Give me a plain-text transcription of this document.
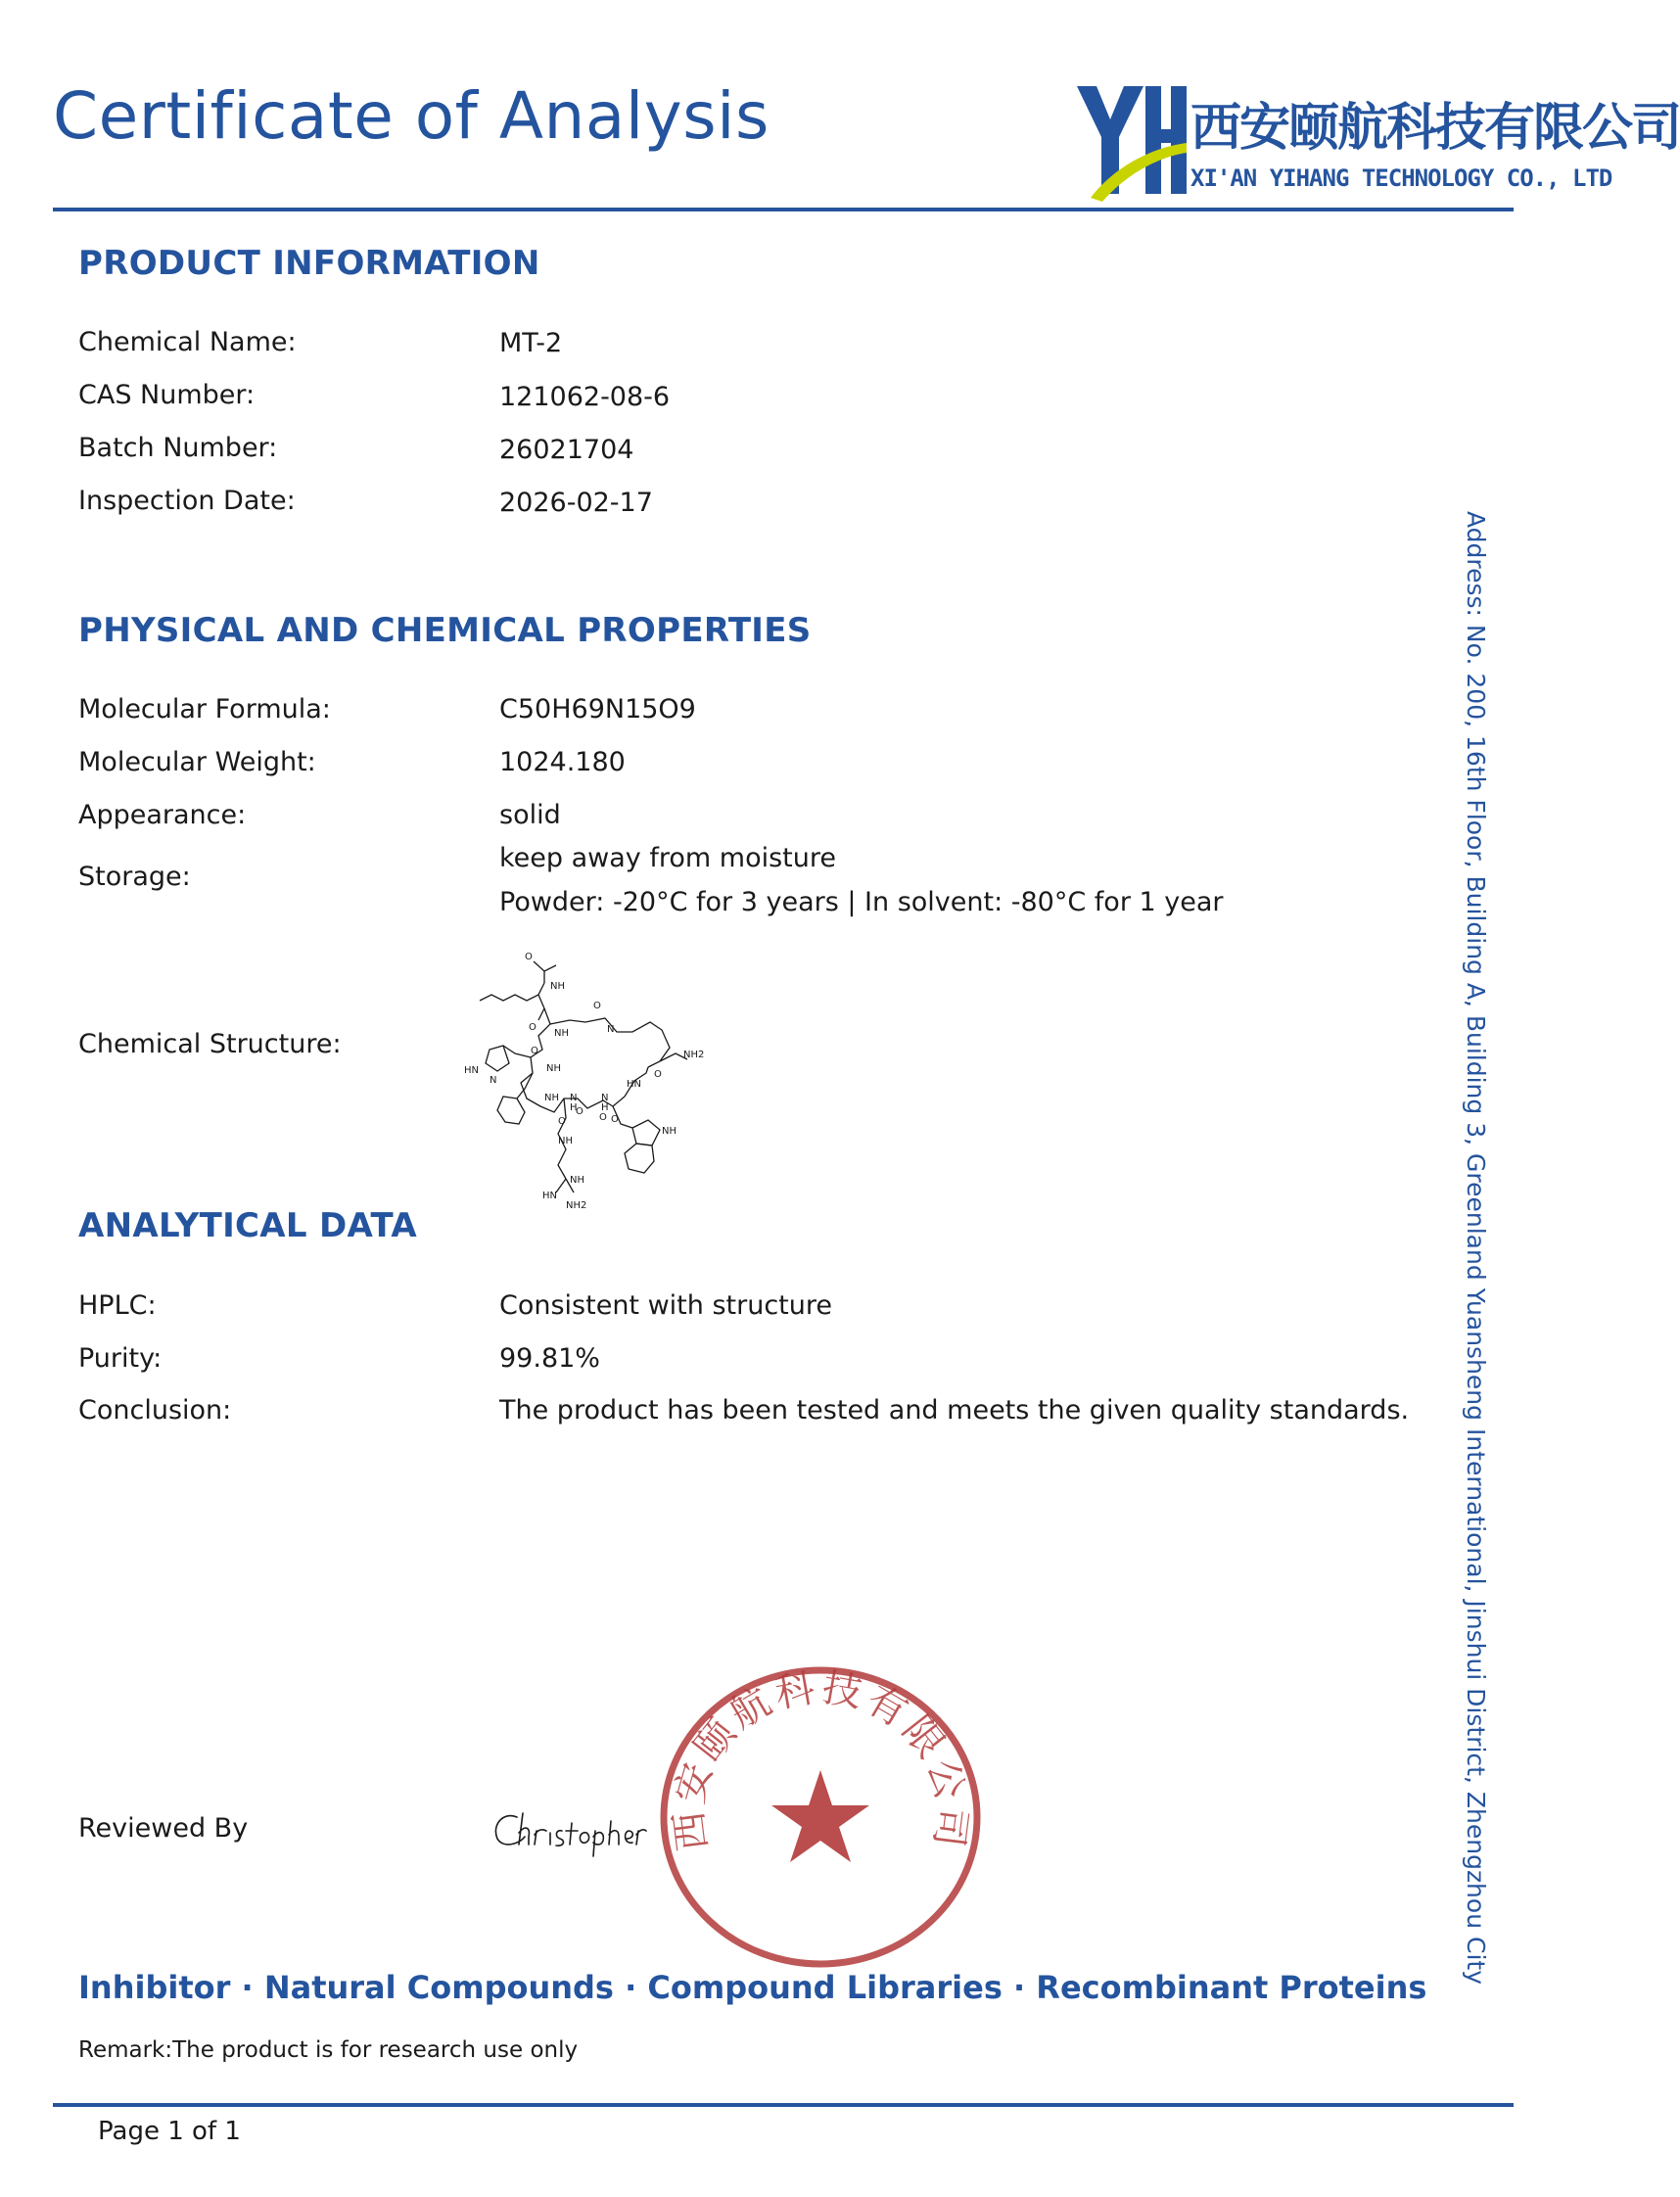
Certificate of Analysis	西安颐航科技有限公司
XI'AN YIHANG TECHNOLOGY CO., LTD
PRODUCT INFORMATION
Chemical Name:	MT-2
CAS Number:	121062-08-6
Batch Number:	26021704
Inspection Date:	2026-02-17
PHYSICAL AND CHEMICAL PROPERTIES
Molecular Formula:	C50H69N15O9
Molecular Weight:	1024.180
Appearance:	solid
Storage:
keep away from moisture
Powder: -20°C for 3 years | In solvent: -80°C for 1 year
Chemical Structure:
O
NH
O
NH
O
N
O
NH
HN
N
NH2
NH
O
HN
O	O
NH
N
H
O
N
H
O
NH
NH
HN
NH2
ANALYTICAL DATA
HPLC:	Consistent with structure
Purity:	99.81%
Conclusion:	The product has been tested and meets the given quality standards. Address: No. 200, 16th Floor, Building A, Building 3, Greenland Yuansheng International, Jinshui District, Zhengzhou City
Reviewed By
Christopher
西安颐航科技有限公司
Inhibitor · Natural Compounds · Compound Libraries · Recombinant Proteins
Remark:The product is for research use only
Page 1 of 1
